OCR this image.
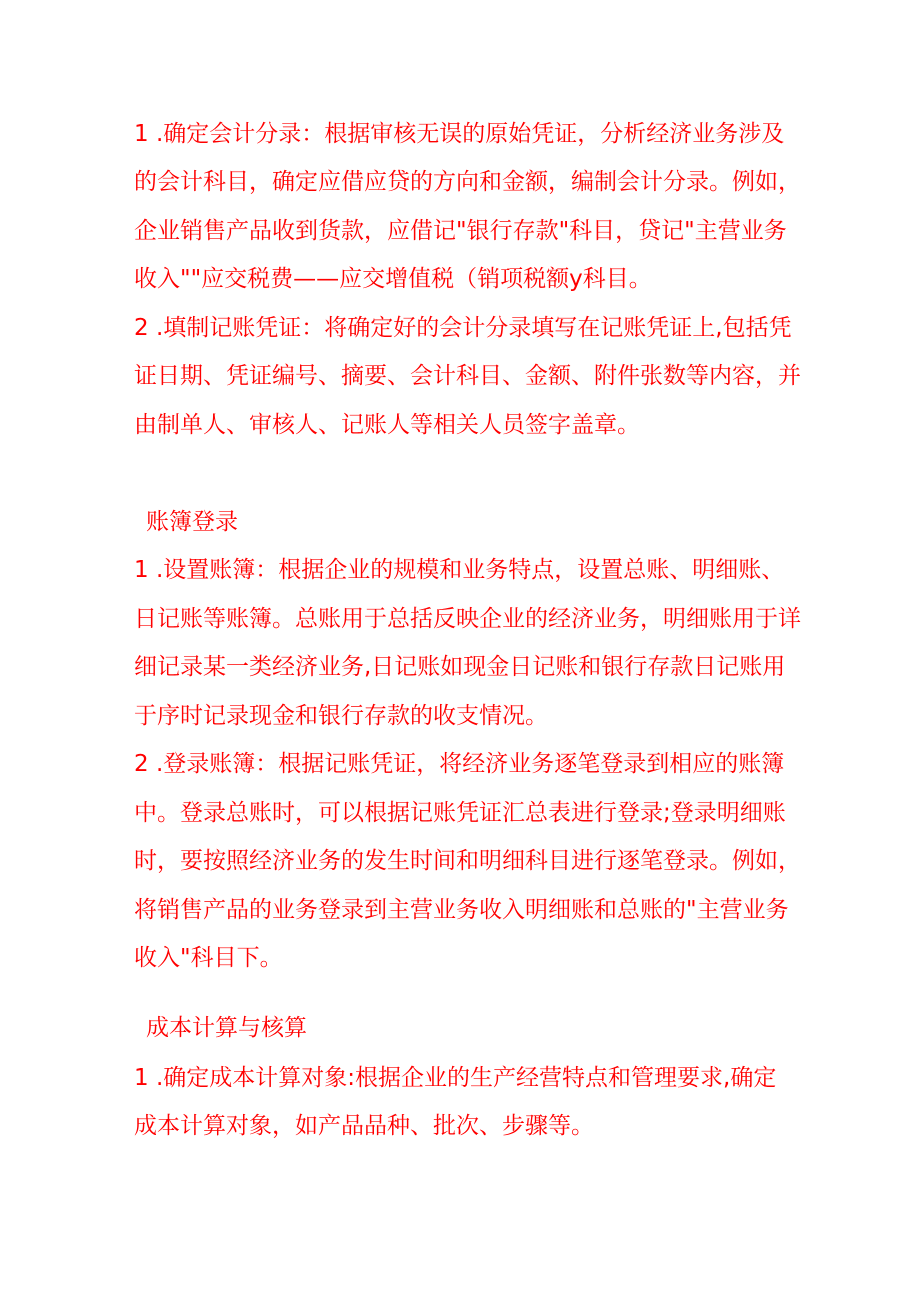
1 .确定会计分录：根据审核无误的原始凭证，分析经济业务涉及
的会计科目，确定应借应贷的方向和金额，编制会计分录。例如，
企业销售产品收到货款，应借记"银行存款"科目，贷记"主营业务
收入""应交税费——应交增值税（销项税额y科目。
2 .填制记账凭证：将确定好的会计分录填写在记账凭证上,包括凭
证日期、凭证编号、摘要、会计科目、金额、附件张数等内容，并
由制单人、审核人、记账人等相关人员签字盖章。
账簿登录
1 .设置账簿：根据企业的规模和业务特点，设置总账、明细账、
日记账等账簿。总账用于总括反映企业的经济业务，明细账用于详
细记录某一类经济业务,日记账如现金日记账和银行存款日记账用
于序时记录现金和银行存款的收支情况。
2 .登录账簿：根据记账凭证，将经济业务逐笔登录到相应的账簿
中。登录总账时，可以根据记账凭证汇总表进行登录;登录明细账
时，要按照经济业务的发生时间和明细科目进行逐笔登录。例如，
将销售产品的业务登录到主营业务收入明细账和总账的"主营业务
收入"科目下。
成本计算与核算
1 .确定成本计算对象:根据企业的生产经营特点和管理要求,确定
成本计算对象，如产品品种、批次、步骤等。
